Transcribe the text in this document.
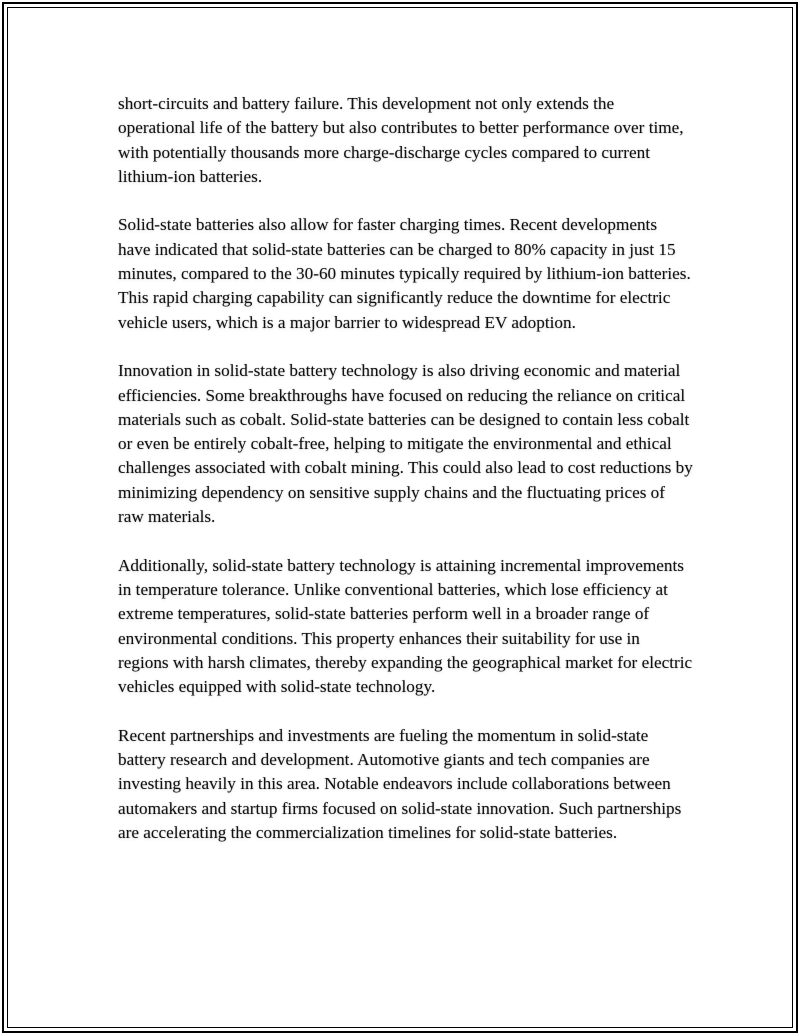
short-circuits and battery failure. This development not only extends the operational life of the battery but also contributes to better performance over time, with potentially thousands more charge-discharge cycles compared to current lithium-ion batteries.

Solid-state batteries also allow for faster charging times. Recent developments have indicated that solid-state batteries can be charged to 80% capacity in just 15 minutes, compared to the 30-60 minutes typically required by lithium-ion batteries. This rapid charging capability can significantly reduce the downtime for electric vehicle users, which is a major barrier to widespread EV adoption.

Innovation in solid-state battery technology is also driving economic and material efficiencies. Some breakthroughs have focused on reducing the reliance on critical materials such as cobalt. Solid-state batteries can be designed to contain less cobalt or even be entirely cobalt-free, helping to mitigate the environmental and ethical challenges associated with cobalt mining. This could also lead to cost reductions by minimizing dependency on sensitive supply chains and the fluctuating prices of raw materials.

Additionally, solid-state battery technology is attaining incremental improvements in temperature tolerance. Unlike conventional batteries, which lose efficiency at extreme temperatures, solid-state batteries perform well in a broader range of environmental conditions. This property enhances their suitability for use in regions with harsh climates, thereby expanding the geographical market for electric vehicles equipped with solid-state technology.

Recent partnerships and investments are fueling the momentum in solid-state battery research and development. Automotive giants and tech companies are investing heavily in this area. Notable endeavors include collaborations between automakers and startup firms focused on solid-state innovation. Such partnerships are accelerating the commercialization timelines for solid-state batteries.
